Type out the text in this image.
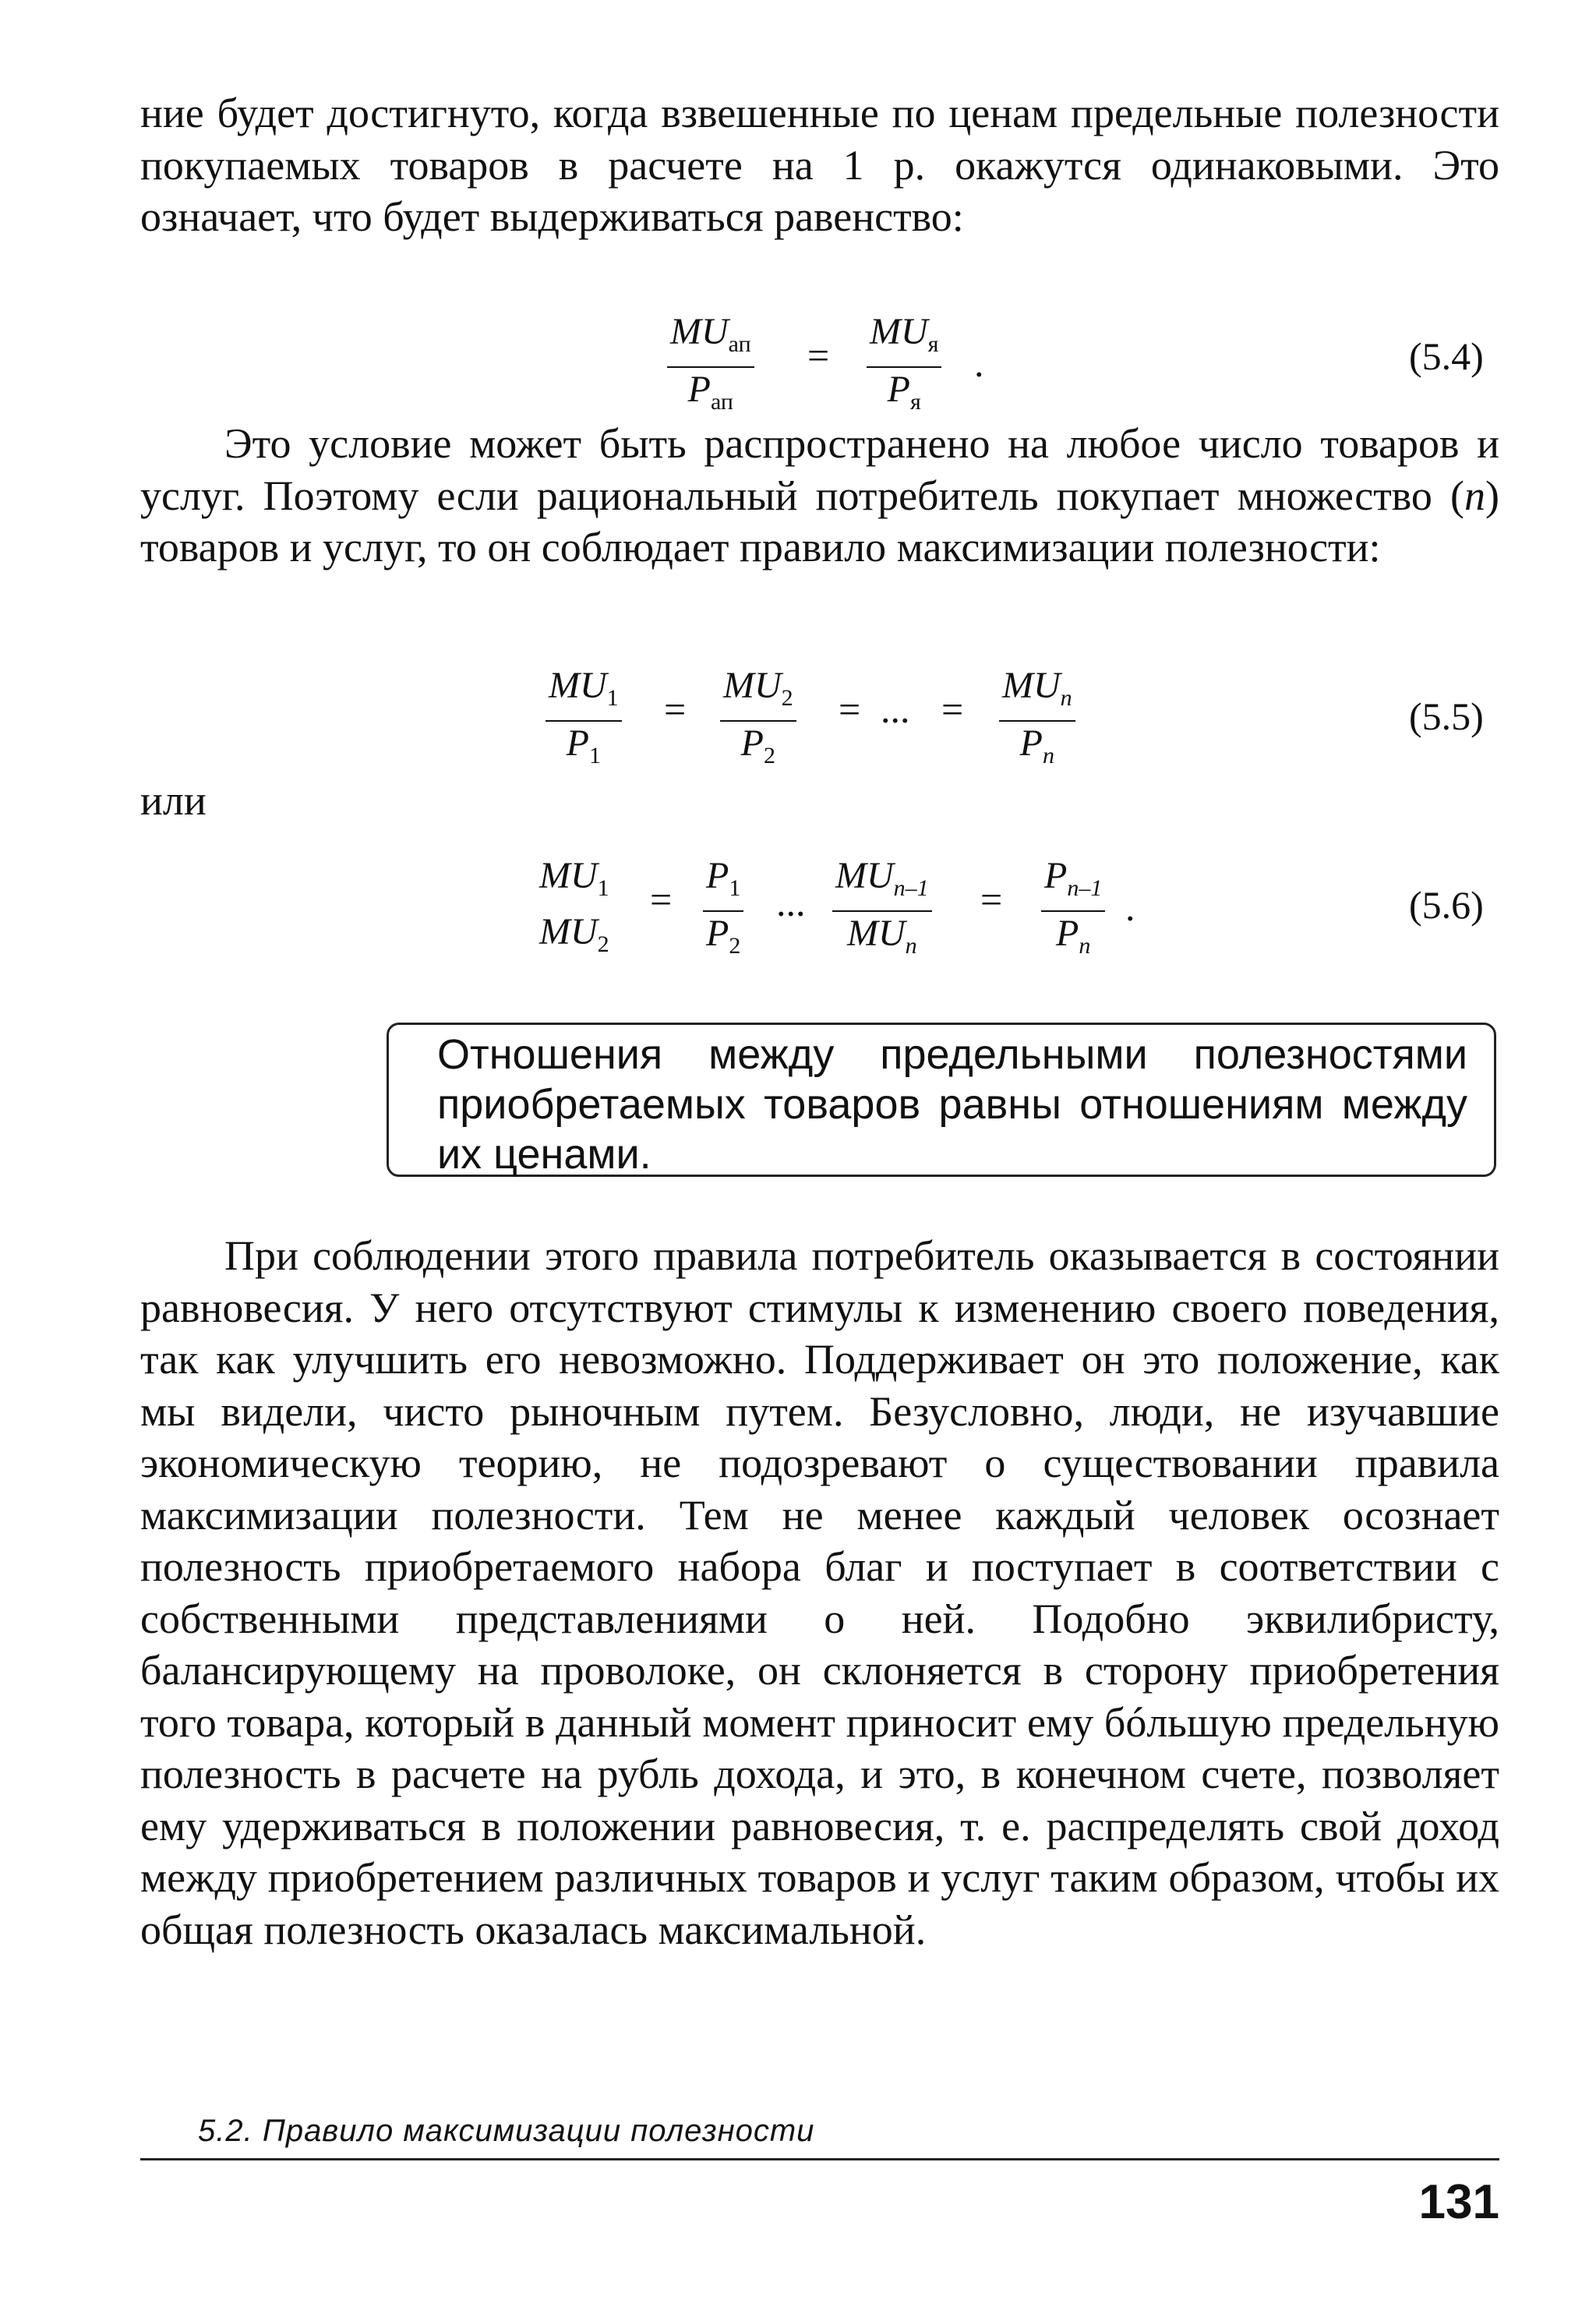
ние будет достигнуто, когда взвешенные по ценам предельные полезности покупаемых товаров в расчете на 1 р. окажутся одинаковыми. Это означает, что будет выдерживаться равенство:

$MU_{ап}$
$P_{ап}$
=
$MU_я$
$P_я$
.	(5.4)

Это условие может быть распространено на любое число товаров и услуг. Поэтому если рациональный потребитель покупает множество (n) товаров и услуг, то он соблюдает правило максимизации полезности:

$\frac{MU_1}{P_1} = \frac{MU_2}{P_2}$ = ... =
$MU_n$
$P_n$
(5.5)

или

$MU_1$
$MU_2$
= $\frac{P_1}{P_2}$ ...
$MU_{n-1}$
$MU_n$
= $\frac{P_{n-1}}{P_n}$ .	(5.6)

Отношения между предельными полезностями приобретаемых товаров равны отношениям между их ценами.

При соблюдении этого правила потребитель оказывается в состоянии равновесия. У него отсутствуют стимулы к изменению своего поведения, так как улучшить его невозможно. Поддерживает он это положение, как мы видели, чисто рыночным путем. Безусловно, люди, не изучавшие экономическую теорию, не подозревают о существовании правила максимизации полезности. Тем не менее каждый человек осознает полезность приобретаемого набора благ и поступает в соответствии с собственными представлениями о ней. Подобно эквилибристу, балансирующему на проволоке, он склоняется в сторону приобретения того товара, который в данный момент приносит ему бóльшую предельную полезность в расчете на рубль дохода, и это, в конечном счете, позволяет ему удерживаться в положении равновесия, т. е. распределять свой доход между приобретением различных товаров и услуг таким образом, чтобы их общая полезность оказалась максимальной.

5.2. Правило максимизации полезности
131
